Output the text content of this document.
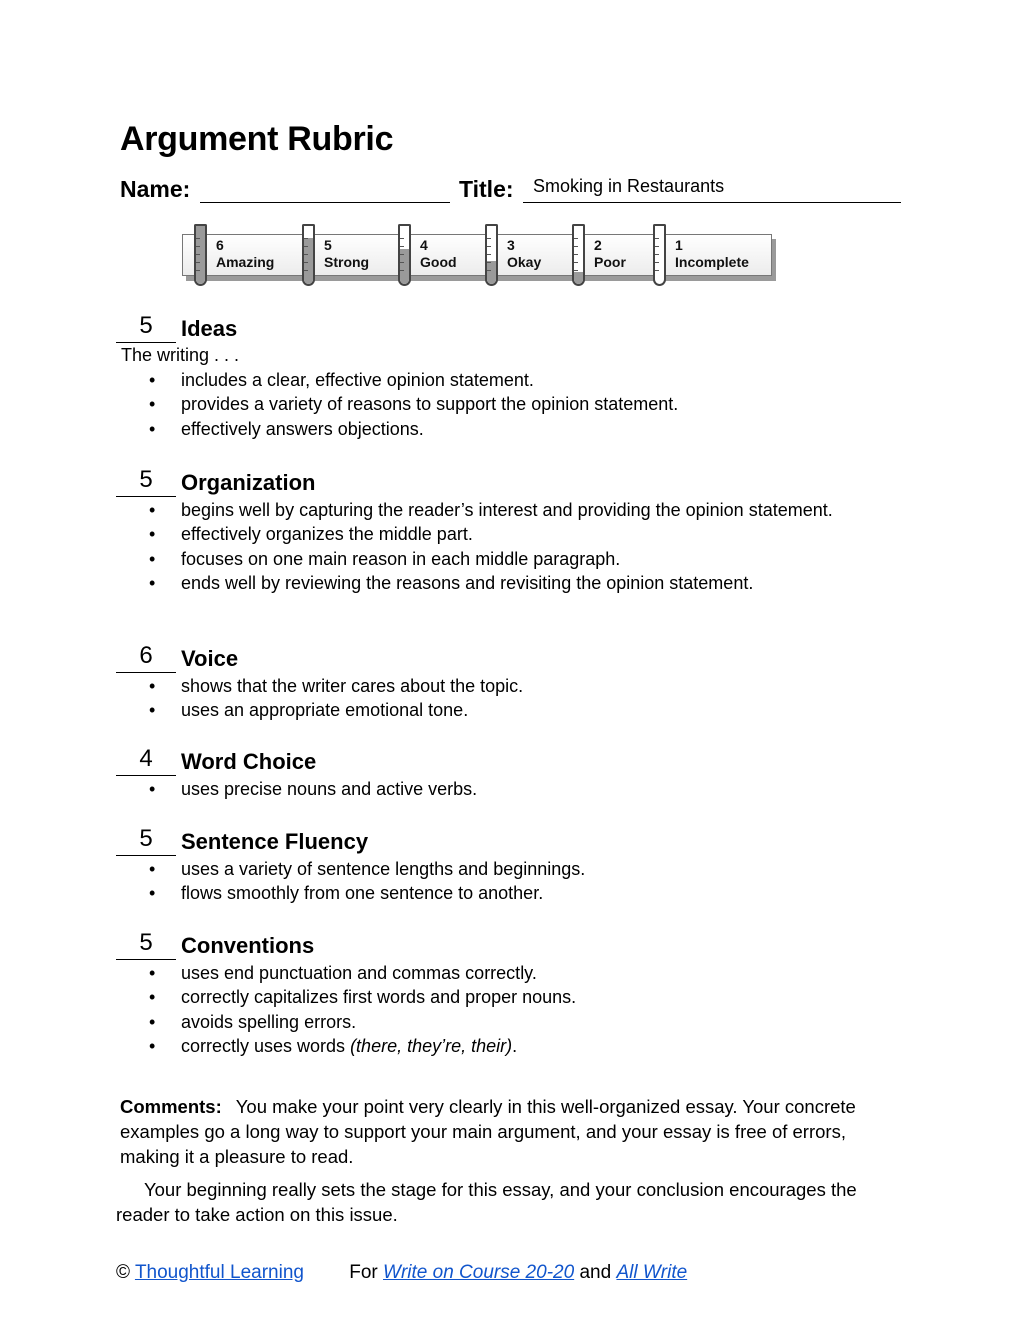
Argument Rubric
Name:	Title: Smoking in Restaurants
6
Amazing
5
Strong
4
Good
3
Okay
2
Poor
1
Incomplete
5	Ideas
The writing . . .
• includes a clear, effective opinion statement.
• provides a variety of reasons to support the opinion statement.
• effectively answers objections.
5	Organization
• begins well by capturing the reader’s interest and providing the opinion statement.
• effectively organizes the middle part.
• focuses on one main reason in each middle paragraph.
• ends well by reviewing the reasons and revisiting the opinion statement.
6	Voice
• shows that the writer cares about the topic.
• uses an appropriate emotional tone.
4	Word Choice
• uses precise nouns and active verbs.
5	Sentence Fluency
• uses a variety of sentence lengths and beginnings.
• flows smoothly from one sentence to another.
5	Conventions
• uses end punctuation and commas correctly.
• correctly capitalizes first words and proper nouns.
• avoids spelling errors.
• correctly uses words (there, they’re, their).

Comments: You make your point very clearly in this well-organized essay. Your concrete examples go a long way to support your main argument, and your essay is free of errors, making it a pleasure to read.

Your beginning really sets the stage for this essay, and your conclusion encourages the reader to take action on this issue.

© Thoughtful Learning For Write on Course 20-20 and All Write
